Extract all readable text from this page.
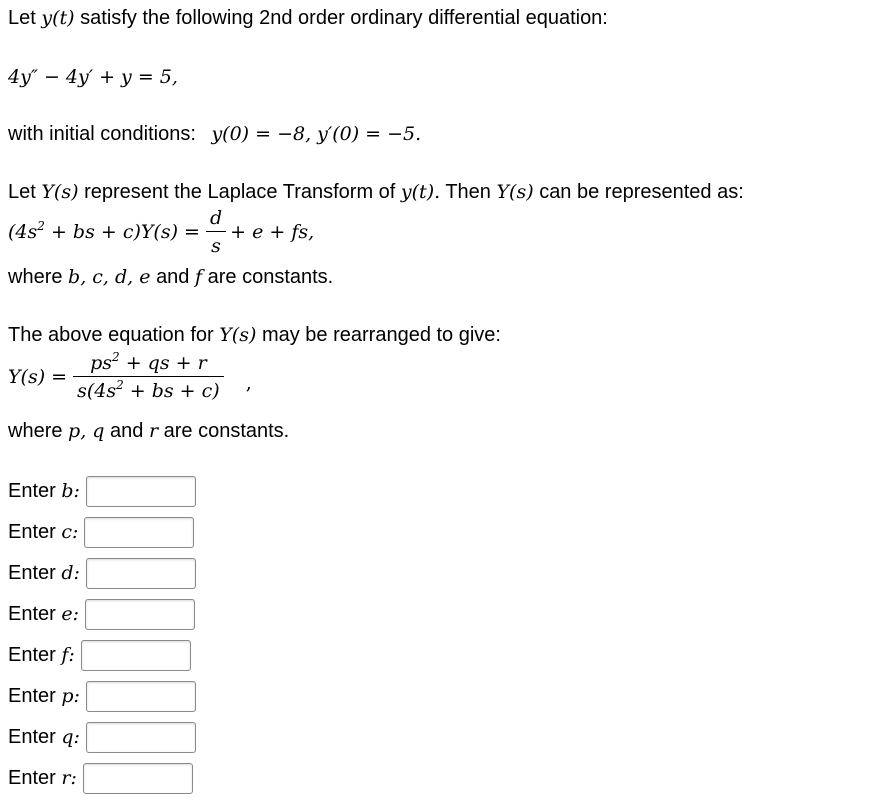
Let y(t) satisfy the following 2nd order ordinary differential equation:
4y″ − 4y′ + y = 5,
with initial conditions: y(0) = −8, y′(0) = −5.
Let Y(s) represent the Laplace Transform of y(t). Then Y(s) can be represented as:
($4s^2$ + bs + $c)Y(s) = \frac{d}{s} + e$ + fs,
where b, c, d, e and f are constants.
The above equation for Y(s) may be rearranged to give:
$Y(s) = \frac{ps^2 + qs + r}{s(4s^2 + bs + c)}$ ,
where p, q and r are constants.
Enter b:
Enter c:
Enter d:
Enter e:
Enter f:
Enter p:
Enter q:
Enter r:
